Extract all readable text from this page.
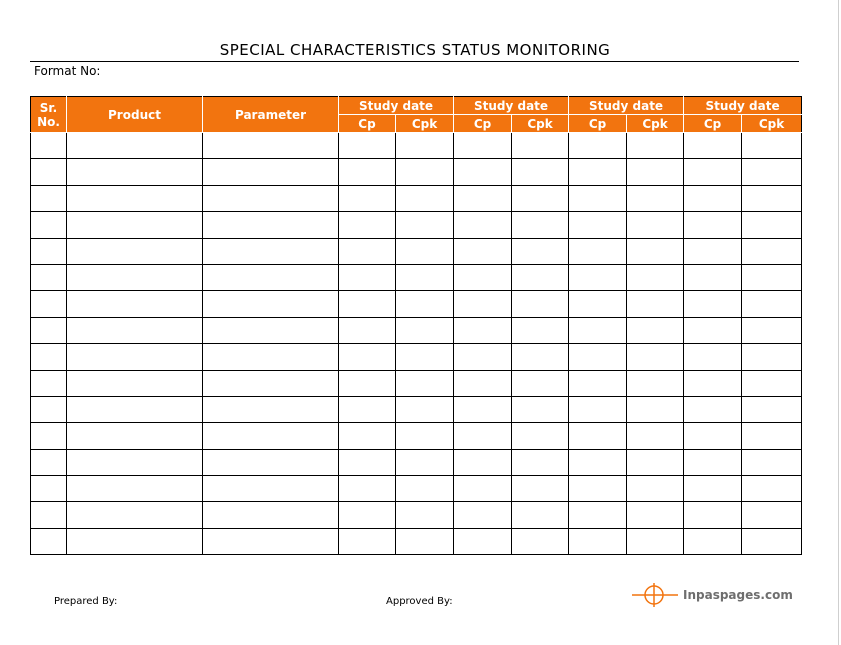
SPECIAL CHARACTERISTICS STATUS MONITORING
Format No:
Sr. No.	Product	Parameter	Study date		Study date		Study date		Study date	
			Cp	Cpk	Cp	Cpk	Cp	Cpk	Cp	Cpk

Prepared By:	Approved By:	Inpaspages.com
